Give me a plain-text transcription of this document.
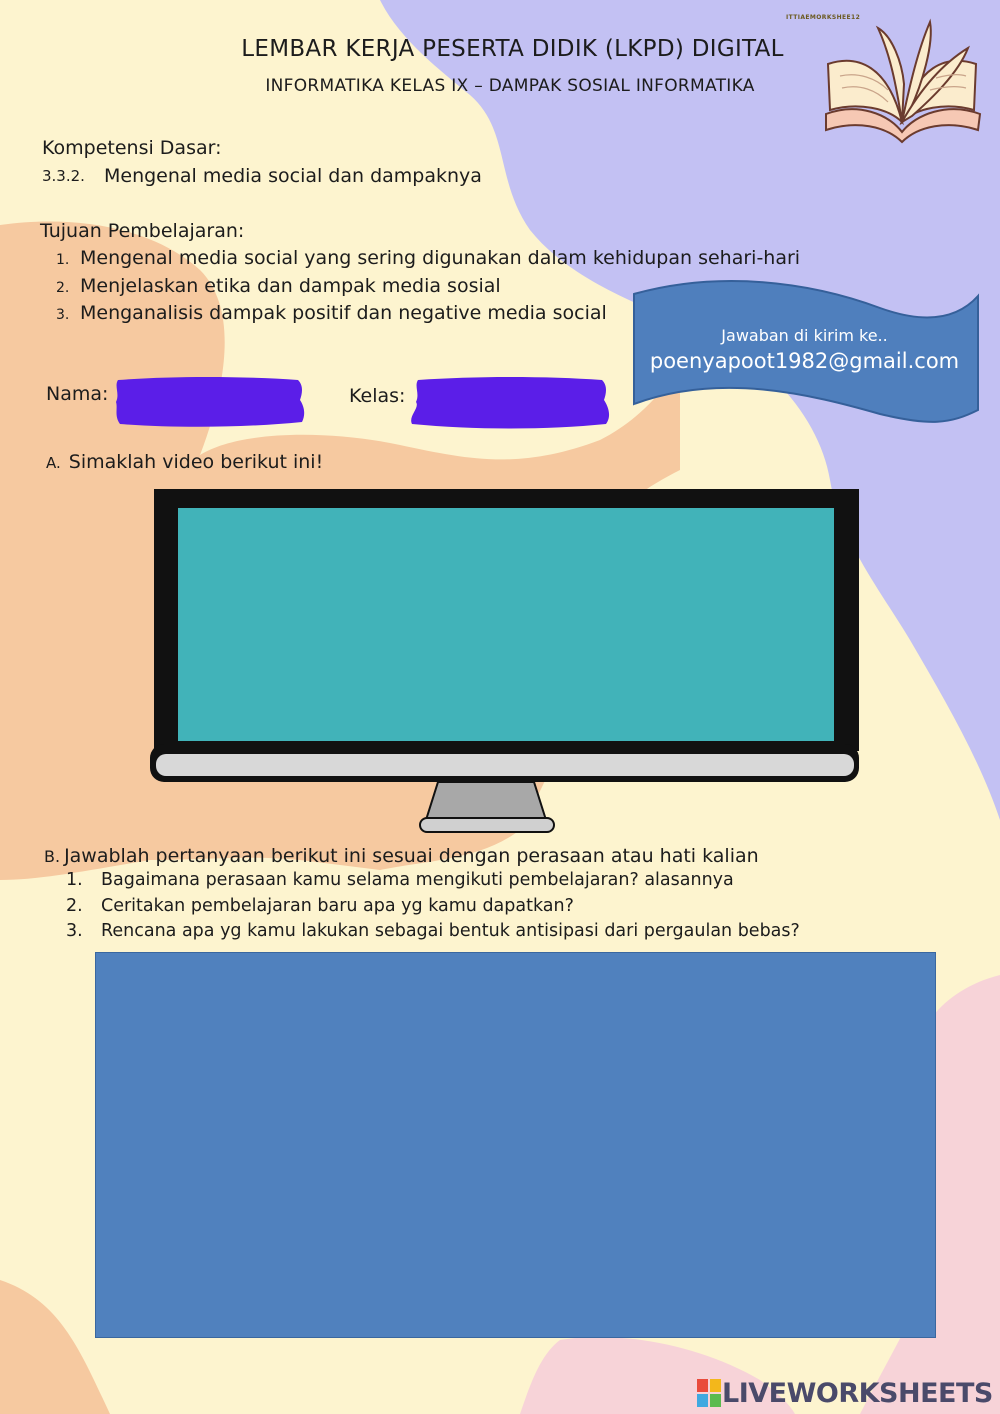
ITTIAEMORKSHEE12
LEMBAR KERJA PESERTA DIDIK (LKPD) DIGITAL
INFORMATIKA KELAS IX – DAMPAK SOSIAL INFORMATIKA
Kompetensi Dasar:
3.3.2. Mengenal media social dan dampaknya
Tujuan Pembelajaran:
1. Mengenal media social yang sering digunakan dalam kehidupan sehari-hari
2. Menjelaskan etika dan dampak media sosial
3. Menganalisis dampak positif dan negative media social
Jawaban di kirim ke..
poenyapoot1982@gmail.com
Nama:	Kelas:
A. Simaklah video berikut ini!
B. Jawablah pertanyaan berikut ini sesuai dengan perasaan atau hati kalian
1.	Bagaimana perasaan kamu selama mengikuti pembelajaran? alasannya
2.	Ceritakan pembelajaran baru apa yg kamu dapatkan?
3.	Rencana apa yg kamu lakukan sebagai bentuk antisipasi dari pergaulan bebas?
LIVEWORKSHEETS
